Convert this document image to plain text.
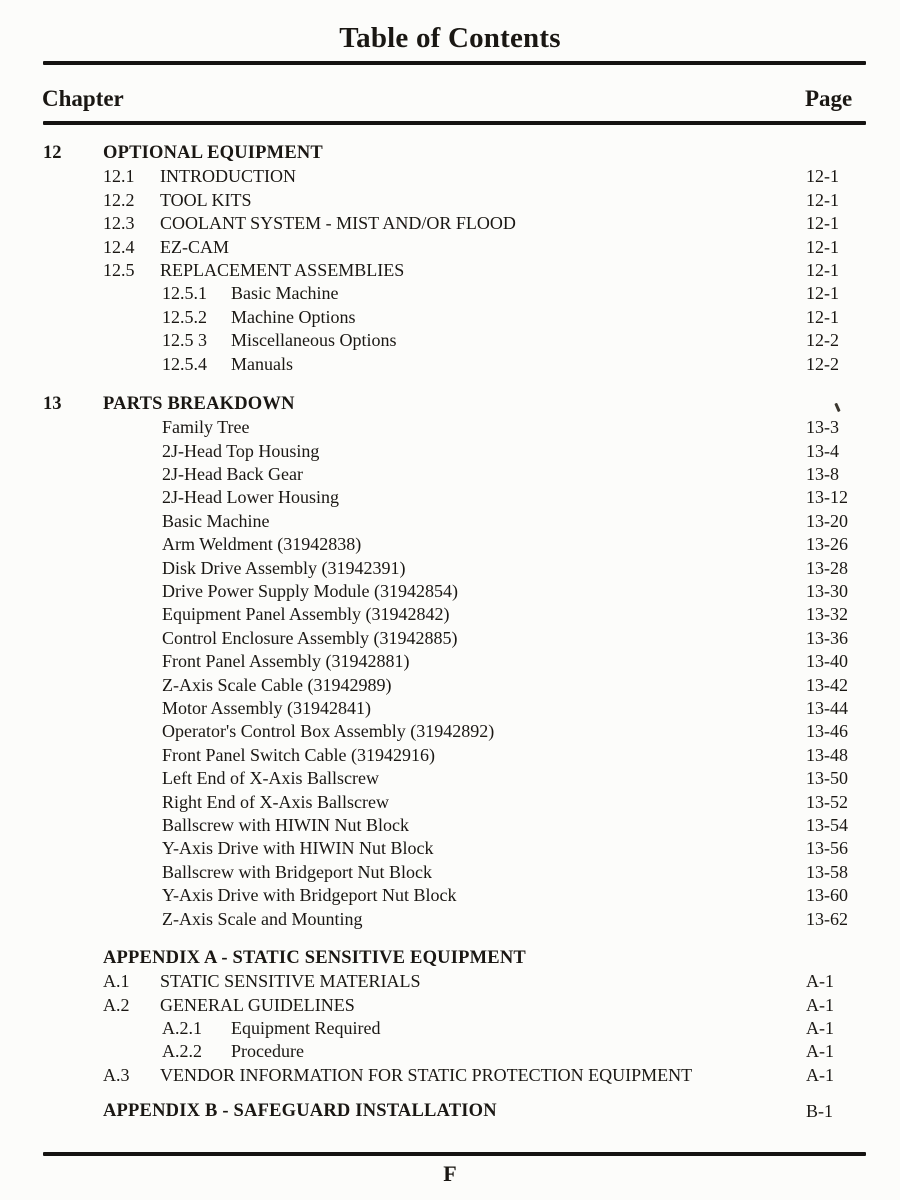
Table of Contents
Chapter	Page
12 OPTIONAL EQUIPMENT
12.1 INTRODUCTION	12-1
12.2 TOOL KITS	12-1
12.3 COOLANT SYSTEM - MIST AND/OR FLOOD	12-1
12.4 EZ-CAM	12-1
12.5 REPLACEMENT ASSEMBLIES	12-1
12.5.1 Basic Machine	12-1
12.5.2 Machine Options	12-1
12.5 3 Miscellaneous Options	12-2
12.5.4 Manuals	12-2
13 PARTS BREAKDOWN
Family Tree	13-3
2J-Head Top Housing	13-4
2J-Head Back Gear	13-8
2J-Head Lower Housing	13-12
Basic Machine	13-20
Arm Weldment (31942838)	13-26
Disk Drive Assembly (31942391)	13-28
Drive Power Supply Module (31942854)	13-30
Equipment Panel Assembly (31942842)	13-32
Control Enclosure Assembly (31942885)	13-36
Front Panel Assembly (31942881)	13-40
Z-Axis Scale Cable (31942989)	13-42
Motor Assembly (31942841)	13-44
Operator's Control Box Assembly (31942892)	13-46
Front Panel Switch Cable (31942916)	13-48
Left End of X-Axis Ballscrew	13-50
Right End of X-Axis Ballscrew	13-52
Ballscrew with HIWIN Nut Block	13-54
Y-Axis Drive with HIWIN Nut Block	13-56
Ballscrew with Bridgeport Nut Block	13-58
Y-Axis Drive with Bridgeport Nut Block	13-60
Z-Axis Scale and Mounting	13-62
APPENDIX A - STATIC SENSITIVE EQUIPMENT
A.1 STATIC SENSITIVE MATERIALS	A-1
A.2 GENERAL GUIDELINES	A-1
A.2.1 Equipment Required	A-1
A.2.2 Procedure	A-1
A.3 VENDOR INFORMATION FOR STATIC PROTECTION EQUIPMENT	A-1
APPENDIX B - SAFEGUARD INSTALLATION	B-1
F
